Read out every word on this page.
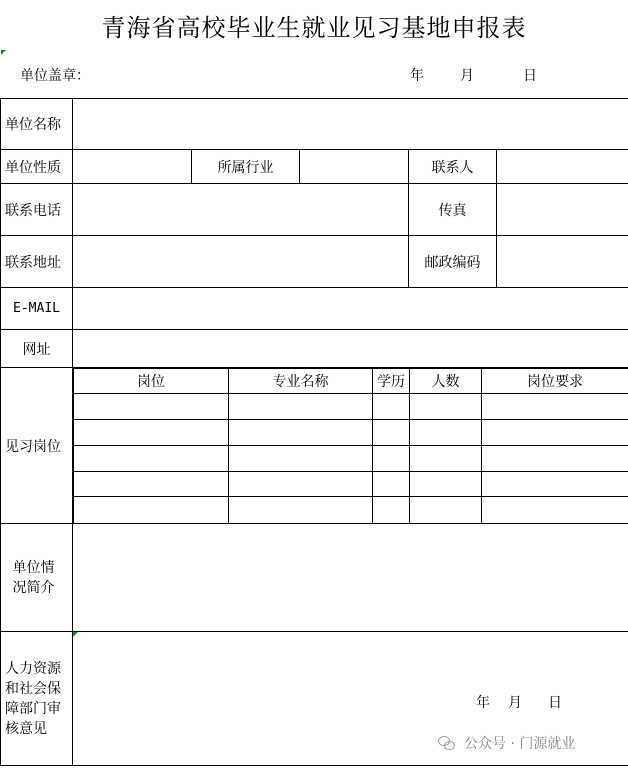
青海省高校毕业生就业见习基地申报表
单位盖章：	年	月	日
单位名称	
单位性质		所属行业		联系人	
联系电话		传真	
联系地址		邮政编码	
E-MAIL	
网址	
见习岗位	
岗位	专业名称	学历	人数	岗位要求

单位情况简介

人力资源和社会保障部门审核意见

年 月 日
公众号 · 门源就业
